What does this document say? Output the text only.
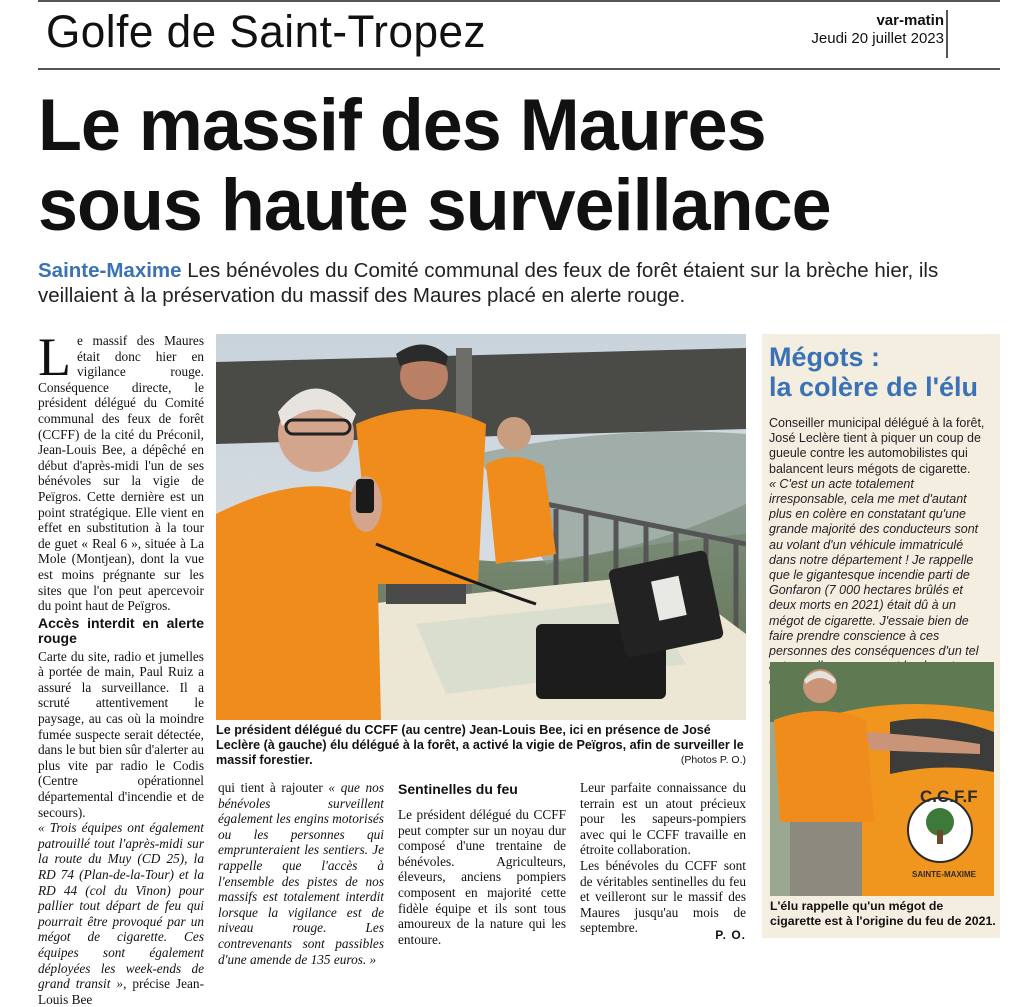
Golfe de Saint-Tropez	var-matin
Jeudi 20 juillet 2023
Le massif des Maures
sous haute surveillance
Sainte-Maxime Les bénévoles du Comité communal des feux de forêt étaient sur la brèche hier, ils veillaient à la préservation du massif des Maures placé en alerte rouge.

Le massif des Maures était donc hier en vigilance rouge. Conséquence directe, le président délégué du Comité communal des feux de forêt (CCFF) de la cité du Préconil, Jean-Louis Bee, a dépêché en début d'après-midi l'un de ses bénévoles sur la vigie de Peïgros. Cette dernière est un point stratégique. Elle vient en effet en substitution à la tour de guet « Real 6 », située à La Mole (Montjean), dont la vue est moins prégnante sur les sites que l'on peut apercevoir du point haut de Peïgros.

Accès interdit en alerte rouge

Carte du site, radio et jumelles à portée de main, Paul Ruiz a assuré la surveillance. Il a scruté attentivement le paysage, au cas où la moindre fumée suspecte serait détectée, dans le but bien sûr d'alerter au plus vite par radio le Codis (Centre opérationnel départemental d'incendie et de secours).

« Trois équipes ont également patrouillé tout l'après-midi sur la route du Muy (CD 25), la RD 74 (Plan-de-la-Tour) et la RD 44 (col du Vinon) pour pallier tout départ de feu qui pourrait être provoqué par un mégot de cigarette. Ces équipes sont également déployées les week-ends de grand transit », précise Jean-Louis Bee

Le président délégué du CCFF (au centre) Jean-Louis Bee, ici en présence de José Leclère (à gauche) élu délégué à la forêt, a activé la vigie de Peïgros, afin de surveiller le massif forestier.	(Photos P. O.)

qui tient à rajouter « que nos bénévoles surveillent également les engins motorisés ou les personnes qui emprunteraient les sentiers. Je rappelle que l'accès à l'ensemble des pistes de nos massifs est totalement interdit lorsque la vigilance est de niveau rouge. Les contrevenants sont passibles d'une amende de 135 euros. »

Sentinelles du feu

Le président délégué du CCFF peut compter sur un noyau dur composé d'une trentaine de bénévoles. Agriculteurs, éleveurs, anciens pompiers composent en majorité cette fidèle équipe et ils sont tous amoureux de la nature qui les entoure.

Leur parfaite connaissance du terrain est un atout précieux pour les sapeurs-pompiers avec qui le CCFF travaille en étroite collaboration.

Les bénévoles du CCFF sont de véritables sentinelles du feu et veilleront sur le massif des Maures jusqu'au mois de septembre.	P. O.
Mégots :
la colère de l'élu
Conseiller municipal délégué à la forêt, José Leclère tient à piquer un coup de gueule contre les automobilistes qui balancent leurs mégots de cigarette.
« C'est un acte totalement irresponsable, cela me met d'autant plus en colère en constatant qu'une grande majorité des conducteurs sont au volant d'un véhicule immatriculé dans notre département ! Je rappelle que le gigantesque incendie parti de Gonfaron (7 000 hectares brûlés et deux morts en 2021) était dû à un mégot de cigarette. J'essaie bien de faire prendre conscience à ces personnes des conséquences d'un tel
C.C.F.F
SAINTE-MAXIME
L'élu rappelle qu'un mégot de cigarette est à l'origine du feu de 2021.
